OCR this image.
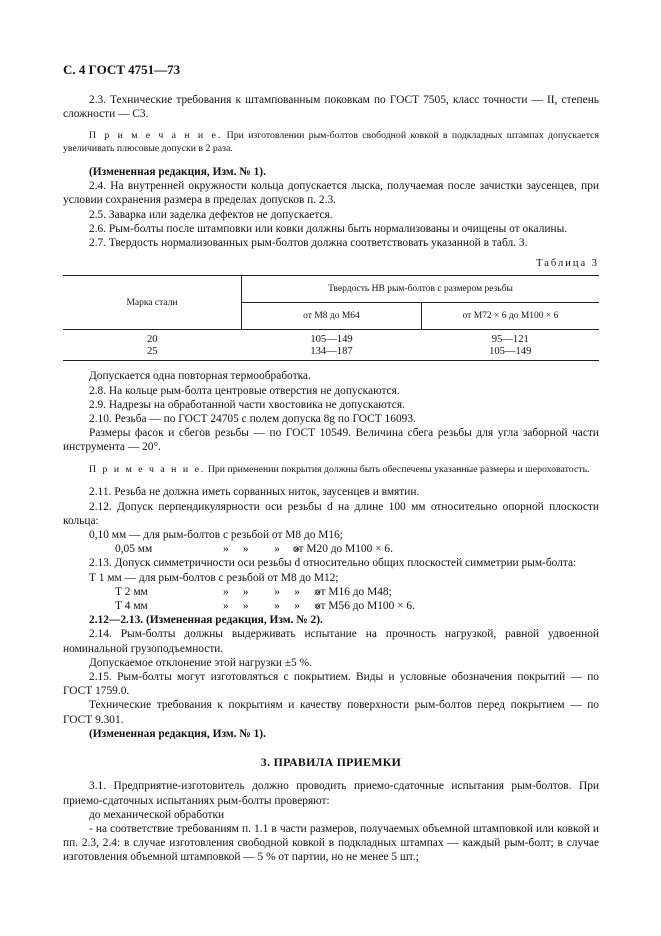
С. 4 ГОСТ 4751—73

2.3. Технические требования к штампованным поковкам по ГОСТ 7505, класс точности — II, степень сложности — С3.

П р и м е ч а н и е. При изготовлении рым-болтов свободной ковкой в подкладных штампах допускается увеличивать плюсовые допуски в 2 раза.

(Измененная редакция, Изм. № 1).

2.4. На внутренней окружности кольца допускается лыска, получаемая после зачистки заусенцев, при условии сохранения размера в пределах допусков п. 2.3.

2.5. Заварка или заделка дефектов не допускается.

2.6. Рым-болты после штамповки или ковки должны быть нормализованы и очищены от окалины.

2.7. Твердость нормализованных рым-болтов должна соответствовать указанной в табл. 3.

Таблица 3
Марка стали	Твердость НВ рым-болтов с размером резьбы	
	от М8 до М64	от М72 × 6 до М100 × 6
20	105—149	95—121
25	134—187	105—149

Допускается одна повторная термообработка.

2.8. На кольце рым-болта центровые отверстия не допускаются.

2.9. Надрезы на обработанной части хвостовика не допускаются.

2.10. Резьба — по ГОСТ 24705 с полем допуска 8g по ГОСТ 16093.

Размеры фасок и сбегов резьбы — по ГОСТ 10549. Величина сбега резьбы для угла заборной части инструмента — 20°.

П р и м е ч а н и е. При применении покрытия должны быть обеспечены указанные размеры и шероховатость.

2.11. Резьба не должна иметь сорванных ниток, заусенцев и вмятин.

2.12. Допуск перпендикулярности оси резьбы d на длине 100 мм относительно опорной плоскости кольца:

0,10 мм — для рым-болтов с резьбой от М8 до М16;

0,05 мм	»     »         »     »от М20 до М100 × 6.

2.13. Допуск симметричности оси резьбы d относительно общих плоскостей симметрии рым-болта:

Т 1 мм — для рым-болтов с резьбой от М8 до М12;

Т 2 мм	»     »         »     »     »от М16 до М48;

Т 4 мм	»     »         »     »     »от М56 до М100 × 6.

2.12—2.13. (Измененная редакция, Изм. № 2).

2.14. Рым-болты должны выдерживать испытание на прочность нагрузкой, равной удвоенной номинальной грузоподъемности.

Допускаемое отклонение этой нагрузки ±5 %.

2.15. Рым-болты могут изготовляться с покрытием. Виды и условные обозначения покрытий — по ГОСТ 1759.0.

Технические требования к покрытиям и качеству поверхности рым-болтов перед покрытием — по ГОСТ 9.301.

(Измененная редакция, Изм. № 1).

3. ПРАВИЛА ПРИЕМКИ

3.1. Предприятие-изготовитель должно проводить приемо-сдаточные испытания рым-болтов. При приемо-сдаточных испытаниях рым-болты проверяют:

до механической обработки

- на соответствие требованиям п. 1.1 в части размеров, получаемых объемной штамповкой или ковкой и пп. 2.3, 2.4: в случае изготовления свободной ковкой в подкладных штампах — каждый рым-болт; в случае изготовления объемной штамповкой — 5 % от партии, но не менее 5 шт.;
